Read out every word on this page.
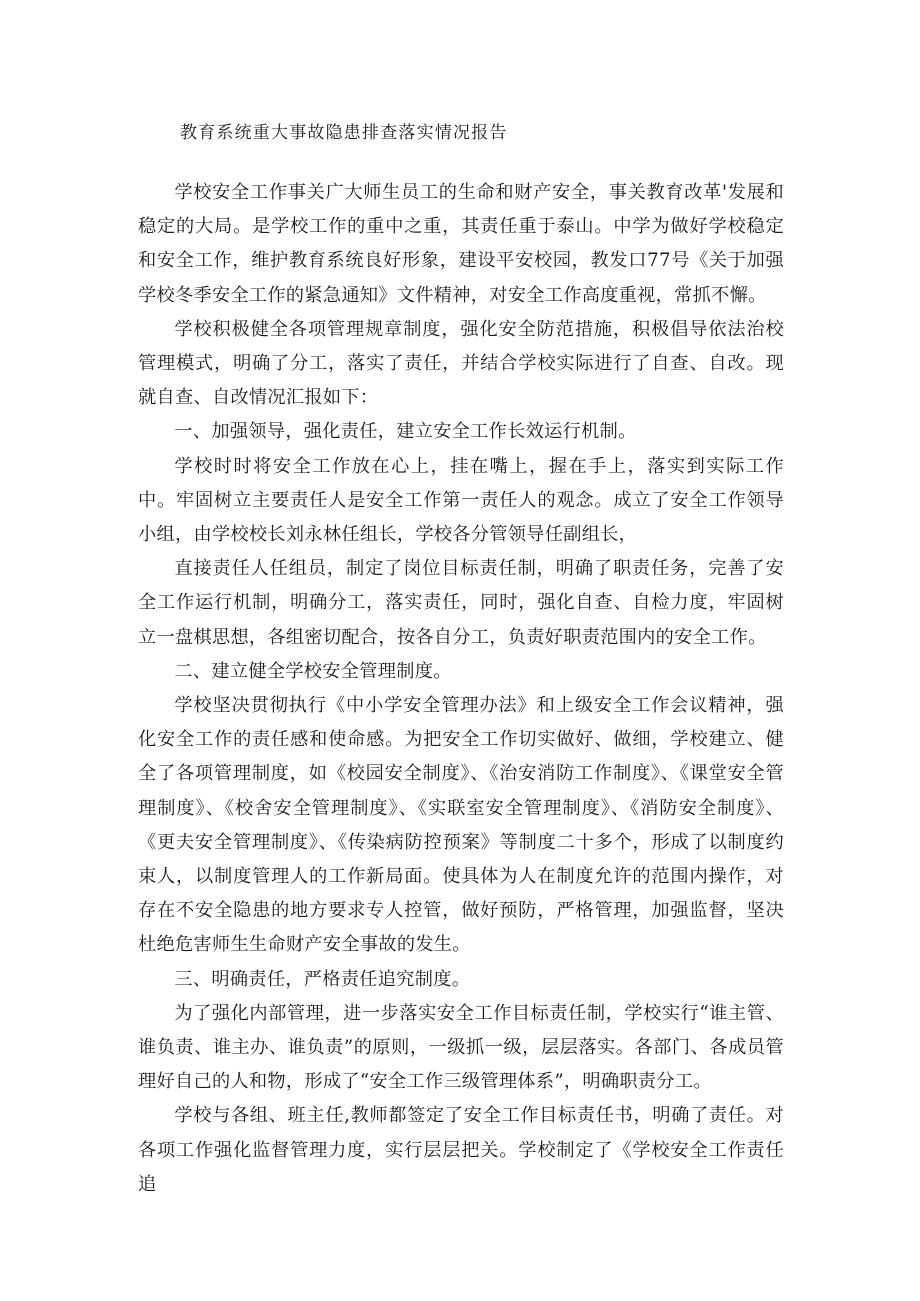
教育系统重大事故隐患排查落实情况报告

学校安全工作事关广大师生员工的生命和财产安全，事关教育改革'发展和稳定的大局。是学校工作的重中之重，其责任重于泰山。中学为做好学校稳定和安全工作，维护教育系统良好形象，建设平安校园，教发口77号《关于加强学校冬季安全工作的紧急通知》文件精神，对安全工作高度重视，常抓不懈。

学校积极健全各项管理规章制度，强化安全防范措施，积极倡导依法治校管理模式，明确了分工，落实了责任，并结合学校实际进行了自查、自改。现就自查、自改情况汇报如下：

一、加强领导，强化责任，建立安全工作长效运行机制。

学校时时将安全工作放在心上，挂在嘴上，握在手上，落实到实际工作中。牢固树立主要责任人是安全工作第一责任人的观念。成立了安全工作领导小组，由学校校长刘永林任组长，学校各分管领导任副组长，

直接责任人任组员，制定了岗位目标责任制，明确了职责任务，完善了安全工作运行机制，明确分工，落实责任，同时，强化自查、自检力度，牢固树立一盘棋思想，各组密切配合，按各自分工，负责好职责范围内的安全工作。

二、建立健全学校安全管理制度。

学校坚决贯彻执行《中小学安全管理办法》和上级安全工作会议精神，强化安全工作的责任感和使命感。为把安全工作切实做好、做细，学校建立、健全了各项管理制度，如《校园安全制度》、《治安消防工作制度》、《课堂安全管理制度》、《校舍安全管理制度》、《实联室安全管理制度》、《消防安全制度》、《更夫安全管理制度》、《传染病防控预案》等制度二十多个，形成了以制度约束人，以制度管理人的工作新局面。使具体为人在制度允许的范围内操作，对存在不安全隐患的地方要求专人控管，做好预防，严格管理，加强监督，坚决杜绝危害师生生命财产安全事故的发生。

三、明确责任，严格责任追究制度。

为了强化内部管理，进一步落实安全工作目标责任制，学校实行“谁主管、谁负责、谁主办、谁负责”的原则，一级抓一级，层层落实。各部门、各成员管理好自己的人和物，形成了“安全工作三级管理体系”，明确职责分工。

学校与各组、班主任,教师都签定了安全工作目标责任书，明确了责任。对各项工作强化监督管理力度，实行层层把关。学校制定了《学校安全工作责任追
